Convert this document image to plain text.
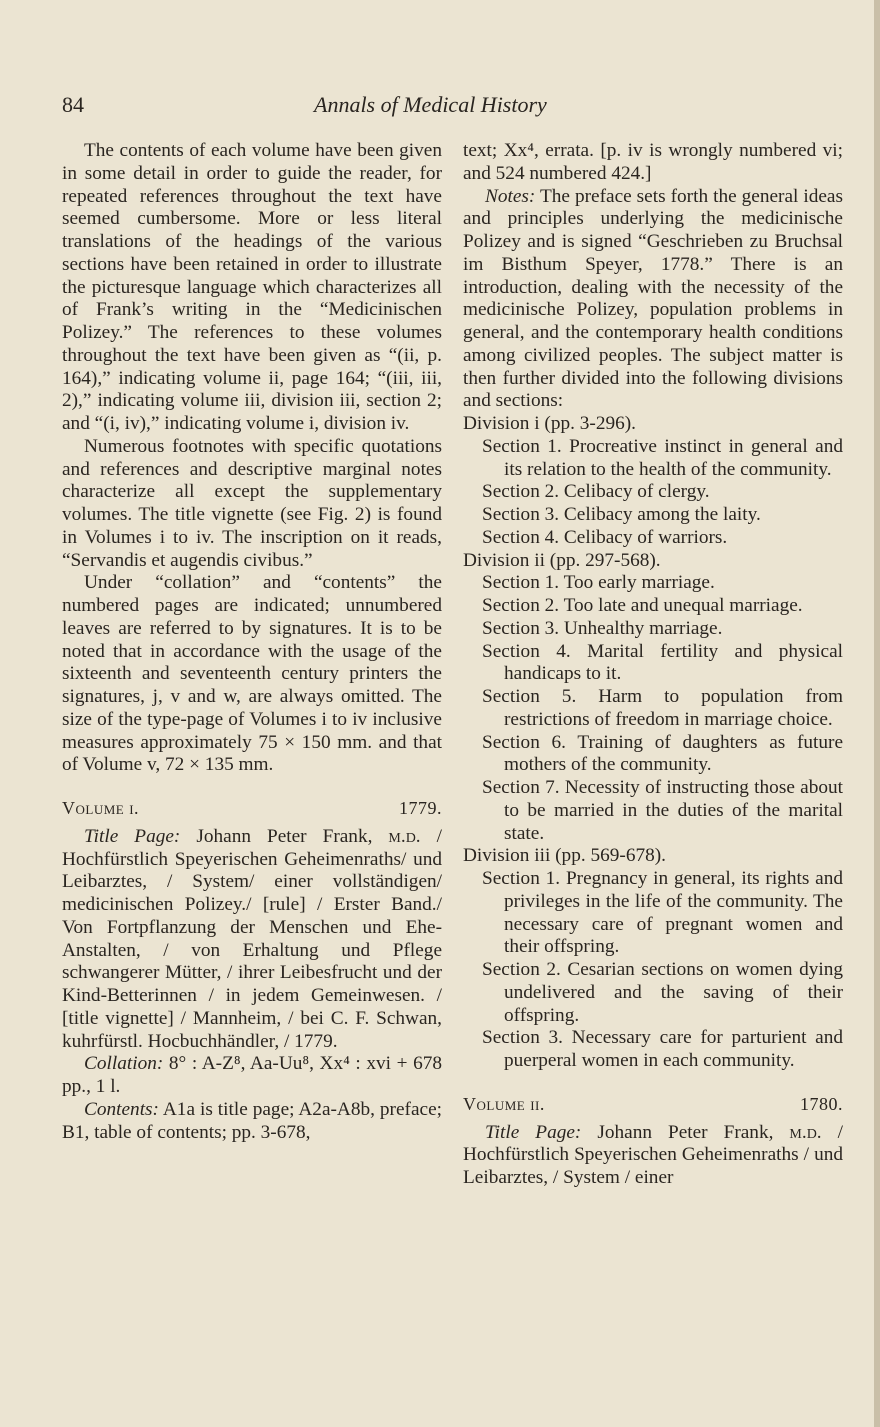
84	Annals of Medical History

The contents of each volume have been given in some detail in order to guide the reader, for repeated references throughout the text have seemed cumbersome. More or less literal translations of the headings of the various sections have been retained in order to illustrate the picturesque language which characterizes all of Frank’s writing in the “Medicinischen Polizey.” The references to these volumes throughout the text have been given as “(ii, p. 164),” indicating volume ii, page 164; “(iii, iii, 2),” indicating volume iii, division iii, section 2; and “(i, iv),” indicating volume i, division iv.

Numerous footnotes with specific quotations and references and descriptive marginal notes characterize all except the supplementary volumes. The title vignette (see Fig. 2) is found in Volumes i to iv. The inscription on it reads, “Servandis et augendis civibus.”

Under “collation” and “contents” the numbered pages are indicated; unnumbered leaves are referred to by signatures. It is to be noted that in accordance with the usage of the sixteenth and seventeenth century printers the signatures, j, v and w, are always omitted. The size of the type-page of Volumes i to iv inclusive measures approximately 75 × 150 mm. and that of Volume v, 72 × 135 mm.

Volume i.	1779.

Title Page: Johann Peter Frank, m.d. / Hochfürstlich Speyerischen Geheimenraths/ und Leibarztes, / System/ einer vollständigen/ medicinischen Polizey./ [rule] / Erster Band./ Von Fortpflanzung der Menschen und Ehe-Anstalten, / von Erhaltung und Pflege schwangerer Mütter, / ihrer Leibesfrucht und der Kind-Betterinnen / in jedem Gemeinwesen. / [title vignette] / Mannheim, / bei C. F. Schwan, kuhrfürstl. Hocbuchhändler, / 1779.

Collation: 8° : A-Z⁸, Aa-Uu⁸, Xx⁴ : xvi + 678 pp., 1 l.

Contents: A1a is title page; A2a-A8b, preface; B1, table of contents; pp. 3-678,

text; Xx⁴, errata. [p. iv is wrongly numbered vi; and 524 numbered 424.]

Notes: The preface sets forth the general ideas and principles underlying the medicinische Polizey and is signed “Geschrieben zu Bruchsal im Bisthum Speyer, 1778.” There is an introduction, dealing with the necessity of the medicinische Polizey, population problems in general, and the contemporary health conditions among civilized peoples. The subject matter is then further divided into the following divisions and sections:

Division i (pp. 3-296).

Section 1. Procreative instinct in general and its relation to the health of the community.

Section 2. Celibacy of clergy.

Section 3. Celibacy among the laity.

Section 4. Celibacy of warriors.

Division ii (pp. 297-568).

Section 1. Too early marriage.

Section 2. Too late and unequal marriage.

Section 3. Unhealthy marriage.

Section 4. Marital fertility and physical handicaps to it.

Section 5. Harm to population from restrictions of freedom in marriage choice.

Section 6. Training of daughters as future mothers of the community.

Section 7. Necessity of instructing those about to be married in the duties of the marital state.

Division iii (pp. 569-678).

Section 1. Pregnancy in general, its rights and privileges in the life of the community. The necessary care of pregnant women and their offspring.

Section 2. Cesarian sections on women dying undelivered and the saving of their offspring.

Section 3. Necessary care for parturient and puerperal women in each community.

Volume ii.	1780.

Title Page: Johann Peter Frank, m.d. / Hochfürstlich Speyerischen Geheimenraths / und Leibarztes, / System / einer
